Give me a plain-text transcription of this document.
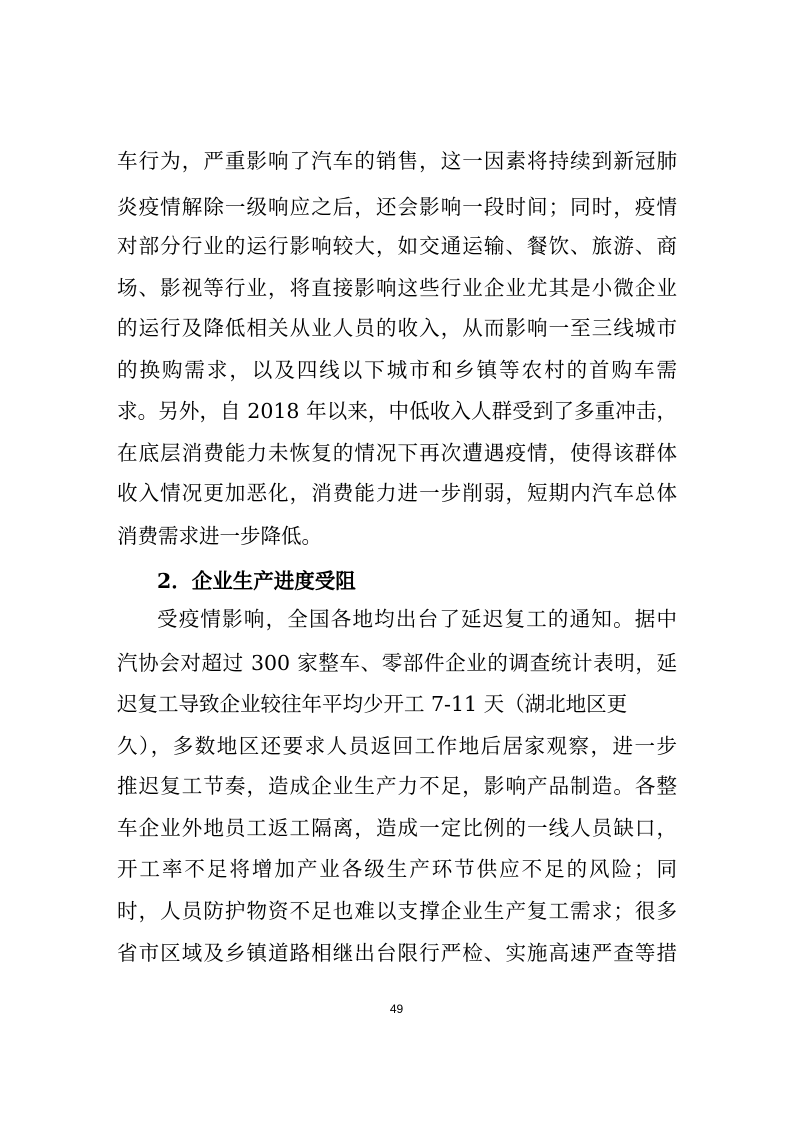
车行为，严重影响了汽车的销售，这一因素将持续到新冠肺
炎疫情解除一级响应之后，还会影响一段时间；同时，疫情
对部分行业的运行影响较大，如交通运输、餐饮、旅游、商
场、影视等行业，将直接影响这些行业企业尤其是小微企业
的运行及降低相关从业人员的收入，从而影响一至三线城市
的换购需求，以及四线以下城市和乡镇等农村的首购车需
求。另外，自 2018 年以来，中低收入人群受到了多重冲击，
在底层消费能力未恢复的情况下再次遭遇疫情，使得该群体
收入情况更加恶化，消费能力进一步削弱，短期内汽车总体
消费需求进一步降低。
2．企业生产进度受阻
受疫情影响，全国各地均出台了延迟复工的通知。据中
汽协会对超过 300 家整车、零部件企业的调查统计表明，延
迟复工导致企业较往年平均少开工 7-11 天（湖北地区更
久），多数地区还要求人员返回工作地后居家观察，进一步
推迟复工节奏，造成企业生产力不足，影响产品制造。各整
车企业外地员工返工隔离，造成一定比例的一线人员缺口，
开工率不足将增加产业各级生产环节供应不足的风险；同
时，人员防护物资不足也难以支撑企业生产复工需求；很多
省市区域及乡镇道路相继出台限行严检、实施高速严查等措
49
